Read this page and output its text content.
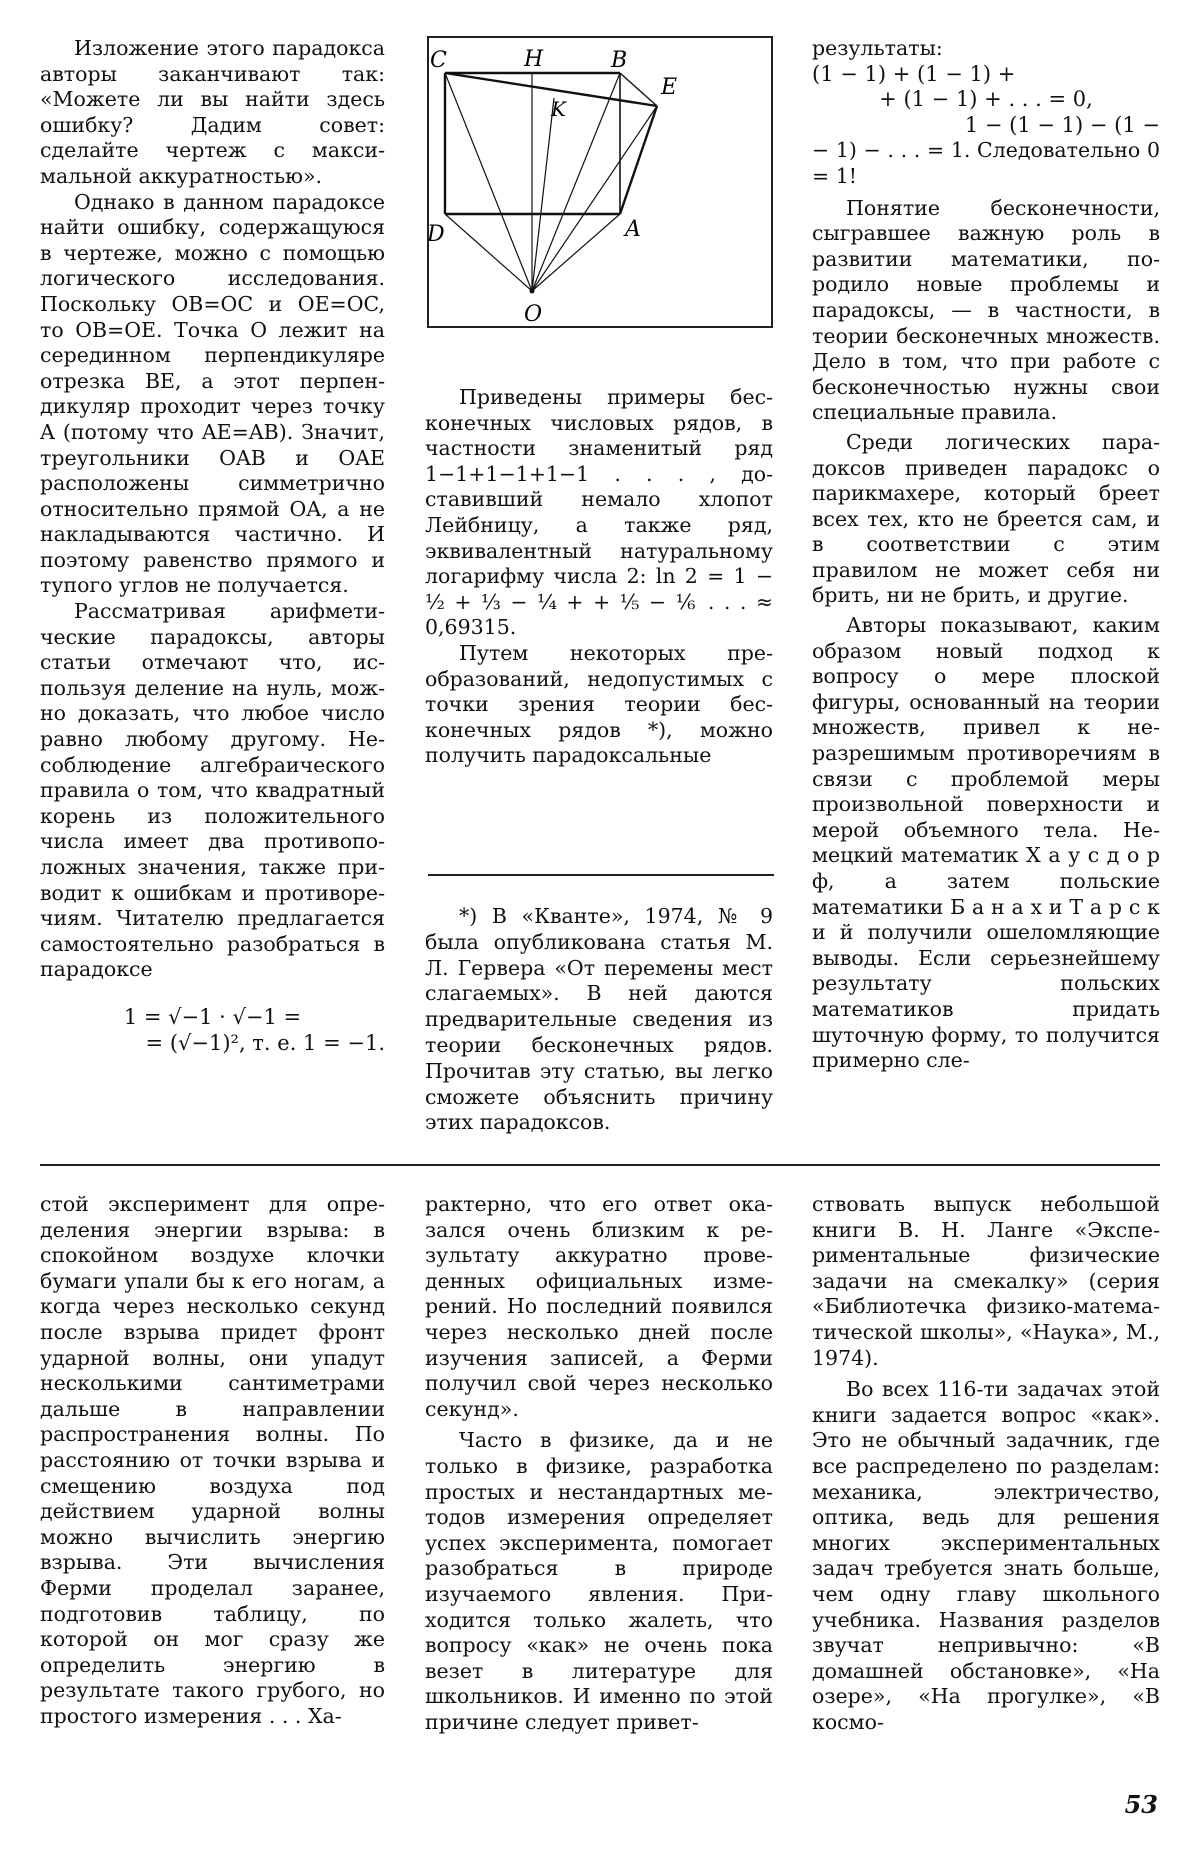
Изложение этого парадокса авторы заканчивают так: «Можете ли вы найти здесь ошибку? Дадим совет: сделайте чертеж с максимальной аккуратностью».

Однако в данном парадоксе найти ошибку, содержащуюся в чертеже, можно с помощью логического исследования. Поскольку OB=OC и OE=OC, то OB=OE. Точка O лежит на серединном перпендикуляре отрезка BE, а этот перпендикуляр проходит через точку A (потому что AE=AB). Значит, треугольники OAB и OAE расположены симметрично относительно прямой OA, а не накладываются частично. И поэтому равенство прямого и тупого углов не получается.

Рассматривая арифметические парадоксы, авторы статьи отмечают что, используя деление на нуль, можно доказать, что любое число равно любому другому. Несоблюдение алгебраического правила о том, что квадратный корень из положительного числа имеет два противоположных значения, также приводит к ошибкам и противоречиям. Читателю предлагается самостоятельно разобраться в парадоксе

1 = √−1 · √−1 =

= (√−1)², т. е. 1 = −1.

C	H	B
E
K
D	A
O

Приведены примеры бесконечных числовых рядов, в частности знаменитый ряд 1−1+1−1+1−1 . . . , доставивший немало хлопот Лейбницу, а также ряд, эквивалентный натуральному логарифму числа 2: ln 2 = 1 − ½ + ⅓ − ¼ + + ⅕ − ⅙ . . . ≈ 0,69315.

Путем некоторых преобразований, недопустимых с точки зрения теории бесконечных рядов *), можно получить парадоксальные

*) В «Кванте», 1974, № 9 была опубликована статья М. Л. Гервера «От перемены мест слагаемых». В ней даются предварительные сведения из теории бесконечных рядов. Прочитав эту статью, вы легко сможете объяснить причину этих парадоксов.

результаты:

(1 − 1) + (1 − 1) +

+ (1 − 1) + . . . = 0,

1 − (1 − 1) − (1 −

− 1) − . . . = 1. Следовательно 0 = 1!

Понятие бесконечности, сыгравшее важную роль в развитии математики, породило новые проблемы и парадоксы, — в частности, в теории бесконечных множеств. Дело в том, что при работе с бесконечностью нужны свои специальные правила.

Среди логических парадоксов приведен парадокс о парикмахере, который бреет всех тех, кто не бреется сам, и в соответствии с этим правилом не может себя ни брить, ни не брить, и другие.

Авторы показывают, каким образом новый подход к вопросу о мере плоской фигуры, основанный на теории множеств, привел к неразрешимым противоречиям в связи с проблемой меры произвольной поверхности и мерой объемного тела. Немецкий математик Х а у с д о р ф, а затем польские математики Б а н а х и Т а р с к и й получили ошеломляющие выводы. Если серьезнейшему результату польских математиков придать шуточную форму, то получится примерно сле-

стой эксперимент для определения энергии взрыва: в спокойном воздухе клочки бумаги упали бы к его ногам, а когда через несколько секунд после взрыва придет фронт ударной волны, они упадут несколькими сантиметрами дальше в направлении распространения волны. По расстоянию от точки взрыва и смещению воздуха под действием ударной волны можно вычислить энергию взрыва. Эти вычисления Ферми проделал заранее, подготовив таблицу, по которой он мог сразу же определить энергию в результате такого грубого, но простого измерения . . . Ха-

рактерно, что его ответ оказался очень близким к результату аккуратно проведенных официальных измерений. Но последний появился через несколько дней после изучения записей, а Ферми получил свой через несколько секунд».

Часто в физике, да и не только в физике, разработка простых и нестандартных методов измерения определяет успех эксперимента, помогает разобраться в природе изучаемого явления. Приходится только жалеть, что вопросу «как» не очень пока везет в литературе для школьников. И именно по этой причине следует привет-

ствовать выпуск небольшой книги В. Н. Ланге «Экспериментальные физические задачи на смекалку» (серия «Библиотечка физико-математической школы», «Наука», М., 1974).

Во всех 116-ти задачах этой книги задается вопрос «как». Это не обычный задачник, где все распределено по разделам: механика, электричество, оптика, ведь для решения многих экспериментальных задач требуется знать больше, чем одну главу школьного учебника. Названия разделов звучат непривычно: «В домашней обстановке», «На озере», «На прогулке», «В космо-

53
